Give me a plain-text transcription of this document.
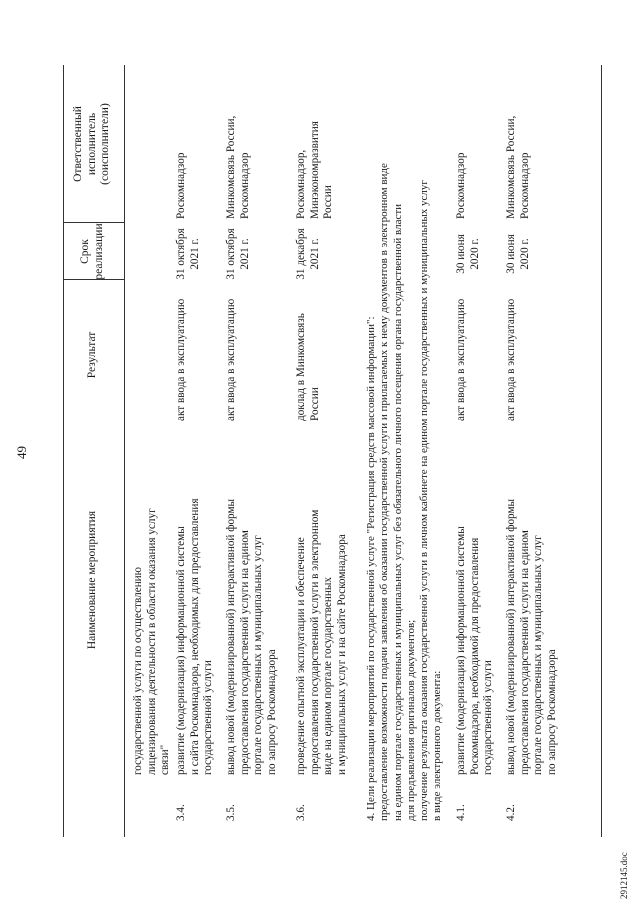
49
Наименование мероприятия
Результат
Срок реализации
Ответственный исполнитель (соисполнители)
государственной услуги по осуществлению лицензирования деятельности в области оказания услуг связи"
3.4.
развитие (модернизация) информационной системы и сайта Роскомнадзора, необходимых для предоставления государственной услуги
акт ввода в эксплуатацию
31 октября 2021 г.
Роскомнадзор
3.5.
вывод новой (модернизированной) интерактивной формы предоставления государственной услуги на едином портале государственных и муниципальных услуг по запросу Роскомнадзора
акт ввода в эксплуатацию
31 октября 2021 г.
Минкомсвязь России, Роскомнадзор
3.6.
проведение опытной эксплуатации и обеспечение предоставления государственной услуги в электронном виде на едином портале государственных и муниципальных услуг и на сайте Роскомнадзора
доклад в Минкомсвязь России
31 декабря 2021 г.
Роскомнадзор, Минэкономразвития России
4. Цели реализации мероприятий по государственной услуге "Регистрация средств массовой информации": предоставление возможности подачи заявления об оказании государственной услуги и прилагаемых к нему документов в электронном виде на едином портале государственных и муниципальных услуг без обязательного личного посещения органа государственной власти для предъявления оригиналов документов; получение результата оказания государственной услуги в личном кабинете на едином портале государственных и муниципальных услуг в виде электронного документа: 4.1.
развитие (модернизация) информационной системы Роскомнадзора, необходимой для предоставления государственной услуги
акт ввода в эксплуатацию
30 июня 2020 г.
Роскомнадзор
4.2.
вывод новой (модернизированной) интерактивной формы предоставления государственной услуги на едином портале государственных и муниципальных услуг по запросу Роскомнадзора
акт ввода в эксплуатацию
30 июня 2020 г.
Минкомсвязь России, Роскомнадзор
2912145.doc
